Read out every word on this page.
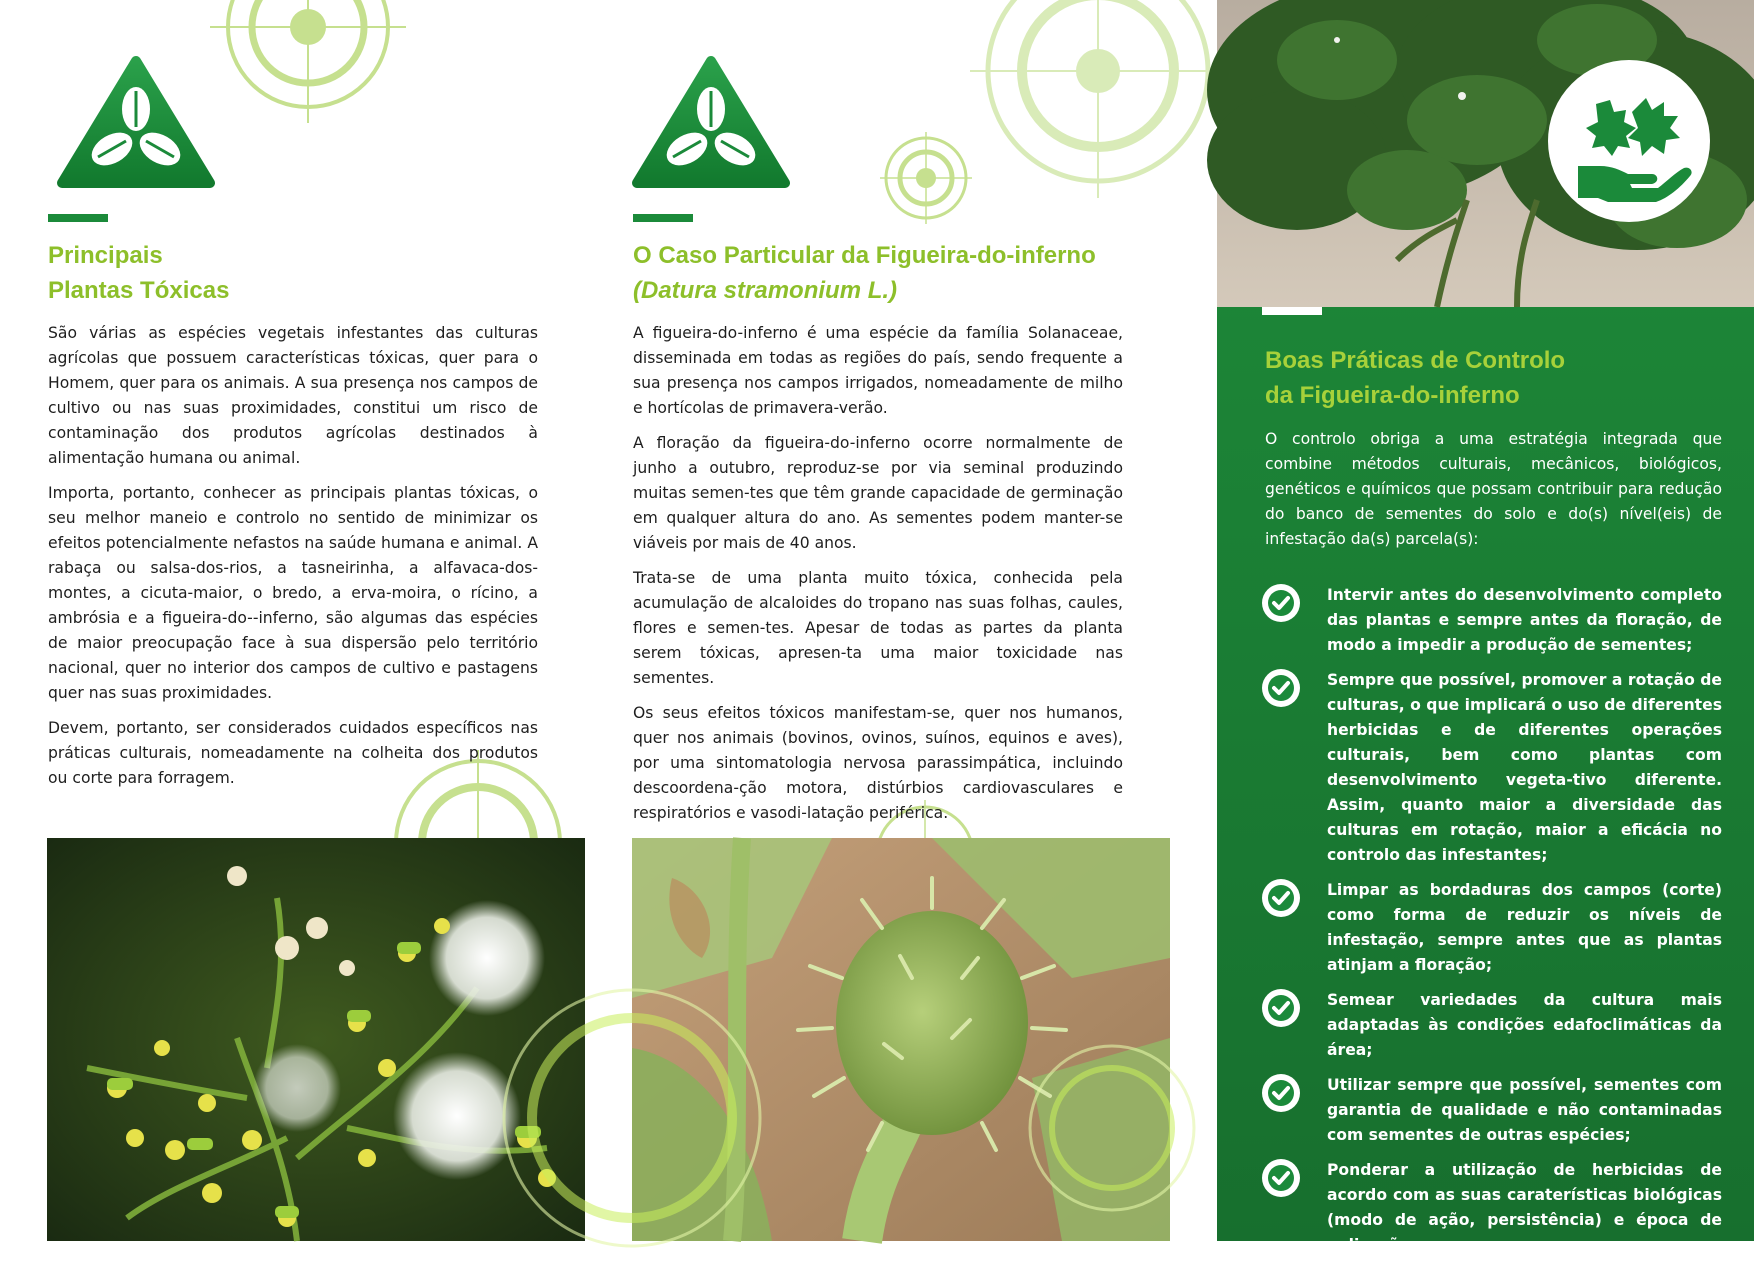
Principais
Plantas Tóxicas

São várias as espécies vegetais infestantes das culturas agrícolas que possuem características tóxicas, quer para o Homem, quer para os animais. A sua presença nos campos de cultivo ou nas suas proximidades, constitui um risco de contaminação dos produtos agrícolas destinados à alimentação humana ou animal.

Importa, portanto, conhecer as principais plantas tóxicas, o seu melhor maneio e controlo no sentido de minimizar os efeitos potencialmente nefastos na saúde humana e animal. A rabaça ou salsa-dos-rios, a tasneirinha, a alfavaca-dos-montes, a cicuta-maior, o bredo, a erva-moira, o rícino, a ambrósia e a figueira-do--inferno, são algumas das espécies de maior preocupação face à sua dispersão pelo território nacional, quer no interior dos campos de cultivo e pastagens quer nas suas proximidades.

Devem, portanto, ser considerados cuidados específicos nas práticas culturais, nomeadamente na colheita dos produtos ou corte para forragem.

O Caso Particular da Figueira-do-inferno
(Datura stramonium L.)

A figueira-do-inferno é uma espécie da família Solanaceae, disseminada em todas as regiões do país, sendo frequente a sua presença nos campos irrigados, nomeadamente de milho e hortícolas de primavera-verão.

A floração da figueira-do-inferno ocorre normalmente de junho a outubro, reproduz-se por via seminal produzindo muitas semen-tes que têm grande capacidade de germinação em qualquer altura do ano. As sementes podem manter-se viáveis por mais de 40 anos.

Trata-se de uma planta muito tóxica, conhecida pela acumulação de alcaloides do tropano nas suas folhas, caules, flores e semen-tes. Apesar de todas as partes da planta serem tóxicas, apresen-ta uma maior toxicidade nas sementes.

Os seus efeitos tóxicos manifestam-se, quer nos humanos, quer nos animais (bovinos, ovinos, suínos, equinos e aves), por uma sintomatologia nervosa parassimpática, incluindo descoordena-ção motora, distúrbios cardiovasculares e respiratórios e vasodi-latação periférica.

Boas Práticas de Controlo
da Figueira-do-inferno

O controlo obriga a uma estratégia integrada que combine métodos culturais, mecânicos, biológicos, genéticos e químicos que possam contribuir para redução do banco de sementes do solo e do(s) nível(eis) de infestação da(s) parcela(s):

Intervir antes do desenvolvimento completo das plantas e sempre antes da floração, de modo a impedir a produção de sementes;
Sempre que possível, promover a rotação de culturas, o que implicará o uso de diferentes herbicidas e de diferentes operações culturais, bem como plantas com desenvolvimento vegeta-tivo diferente. Assim, quanto maior a diversidade das culturas em rotação, maior a eficácia no controlo das infestantes;
Limpar as bordaduras dos campos (corte) como forma de reduzir os níveis de infestação, sempre antes que as plantas atinjam a floração;
Semear variedades da cultura mais adaptadas às condições edafoclimáticas da área;
Utilizar sempre que possível, sementes com garantia de qualidade e não contaminadas com sementes de outras espécies;
Ponderar a utilização de herbicidas de acordo com as suas caraterísticas biológicas (modo de ação, persistência) e época de aplicação.
